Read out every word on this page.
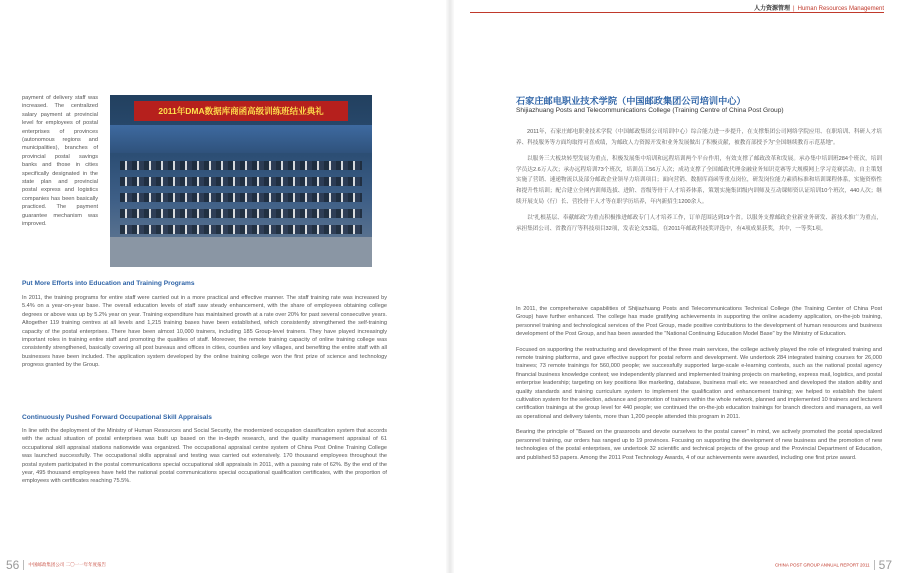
人力资源管理 | Human Resources Management

payment of delivery staff was increased. The centralized salary payment at provincial level for employees of postal enterprises of provinces (autonomous regions and municipalities), branches of provincial postal savings banks and those in cities specifically designated in the state plan and provincial postal express and logistics companies has been basically practiced. The payment guarantee mechanism was improved.

2011年DMA数据库商函高级训练班结业典礼
Put More Efforts into Education and Training Programs

In 2011, the training programs for entire staff were carried out in a more practical and effective manner. The staff training rate was increased by 5.4% on a year-on-year base. The overall education levels of staff saw steady enhancement, with the share of employees obtaining college degrees or above was up by 5.2% year on year. Training expenditure has maintained growth at a rate over 20% for past several consecutive years. Altogether 119 training centres at all levels and 1,215 training bases have been established, which consistently strengthened the self-training capacity of the postal enterprises. There have been almost 10,000 trainers, including 185 Group-level trainers. They have played increasingly important roles in training entire staff and promoting the qualities of staff. Moreover, the remote training capacity of online training college was consistently strengthened, basically covering all post bureaus and offices in cities, counties and key villages, and benefiting the entire staff with all businesses have been included. The application system developed by the online training college won the first prize of science and technology progress granted by the Group.

Continuously Pushed Forward Occupational Skill Appraisals

In line with the deployment of the Ministry of Human Resources and Social Security, the modernized occupation classification system that accords with the actual situation of postal enterprises was built up based on the in-depth research, and the quality management appraisal of 61 occupational skill appraisal stations nationwide was organized. The occupational appraisal centre system of China Post Online Training College was launched successfully. The occupational skills appraisal and testing was carried out extensively. 170 thousand employees throughout the postal system participated in the postal communications special occupational skill appraisals in 2011, with a passing rate of 62%. By the end of the year, 495 thousand employees have held the national postal communications special occupational qualification certificates, with the proportion of employees with certificates reaching 75.5%.

石家庄邮电职业技术学院（中国邮政集团公司培训中心）

Shijiazhuang Posts and Telecommunications College (Training Centre of China Post Group)

2011年，石家庄邮电职业技术学院（中国邮政集团公司培训中心）综合能力进一步提升，在支撑集团公司网络学院应用、在职培训、科研人才培养、科技服务等方面均取得可喜成绩，为邮政人力资源开发和业务发展做出了积极贡献，被教育部授予为“全国继续教育示范基地”。

以服务三大板块转型发展为重点，积极发展集中培训和远程培训两个平台作用，有效支撑了邮政改革和发展。承办集中培训班284个班次，培训学员达2.6万人次；承办远程培训73个班次，培训员工56万人次；成功支撑了全国邮政代理金融业务知识竞赛等大规模网上学习竞赛活动。自主策划实施了营销、速递物流以及部分邮政企业领导力培训项目；面向营销、数据库商函等重点岗位，研发岗位能力素质标准和培训课程体系，实施资格性和提升性培训；配合建立全网内训师选拔、进阶、晋级等骨干人才培养体系，策划实施集团级内训师及互动课师资认证培训10个班次，440人次；继续开展支局（行）长、营投骨干人才等在职学历培养，年内新招生1200余人。

以“扎根基层、奉献邮政”为重点积极推进邮政专门人才培养工作，订单范围达到19个省。以服务支撑邮政企业新业务研发、新技术推广为重点，承担集团公司、省教育厅等科技项目32项，发表论文53篇，在2011年邮政科技奖评选中，有4项成果获奖，其中，一等奖1项。

In 2011, the comprehensive capabilities of Shijiazhuang Posts and Telecommunications Technical College (the Training Center of China Post Group) have further enhanced. The college has made gratifying achievements in supporting the online academy application, on-the-job training, personnel training and technological services of the Post Group, made positive contributions to the development of human resources and business development of the Post Group, and has been awarded the "National Continuing Education Model Base" by the Ministry of Education.

Focused on supporting the restructuring and development of the three main services, the college actively played the role of integrated training and remote training platforms, and gave effective support for postal reform and development. We undertook 284 integrated training courses for 26,000 trainees; 73 remote trainings for 560,000 people; we successfully supported large-scale e-learning contests, such as the national postal agency financial business knowledge contest; we independently planned and implemented training projects on marketing, express mail, logistics, and postal enterprise leadership; targeting on key positions like marketing, database, business mail etc. we researched and developed the station ability and quality standards and training curriculum system to implement the qualification and enhancement training; we helped to establish the talent cultivation system for the selection, advance and promotion of trainers within the whole network, planned and implemented 10 trainers and lecturers certification trainings at the group level for 440 people; we continued the on-the-job education trainings for branch directors and managers, as well as operational and delivery talents, more than 1,200 people attended this program in 2011.

Bearing the principle of "Based on the grassroots and devote ourselves to the postal career" in mind, we actively promoted the postal specialized personnel training, our orders has ranged up to 19 provinces. Focusing on supporting the development of new business and the promotion of new technologies of the postal enterprises, we undertook 32 scientific and technical projects of the group and the Provincial Department of Education, and published 53 papers. Among the 2011 Post Technology Awards, 4 of our achievements were awarded, including one first prize award.

56 中国邮政集团公司 二〇一一年年度报告	CHINA POST GROUP ANNUAL REPORT 2011 57
